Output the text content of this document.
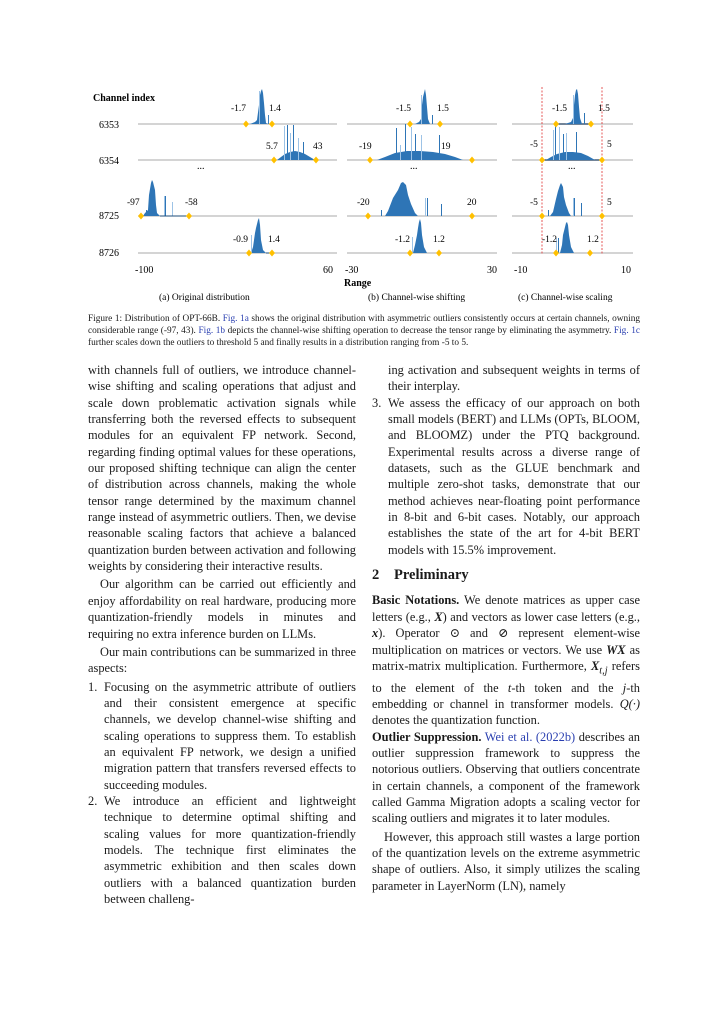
Channel index
6353
6354
8725
8726
...
-1.7 1.4
5.7	43
-97	-58
-0.9 1.4
-100	60
(a) Original distribution
...
-1.5	1.5
-19	19
-20	20
-1.2 1.2
-30	30
Range
(b) Channel-wise shifting
...
-1.5	1.5
-5	5
-5	5
-1.2	1.2
-10	10
(c) Channel-wise scaling
Figure 1: Distribution of OPT-66B. Fig. 1a shows the original distribution with asymmetric outliers consistently occurs at certain channels, owning considerable range (-97, 43). Fig. 1b depicts the channel-wise shifting operation to decrease the tensor range by eliminating the asymmetry. Fig. 1c further scales down the outliers to threshold 5 and finally results in a distribution ranging from -5 to 5.

with channels full of outliers, we introduce channel-wise shifting and scaling operations that adjust and scale down problematic activation signals while transferring both the reversed effects to subsequent modules for an equivalent FP network. Second, regarding finding optimal values for these operations, our proposed shifting technique can align the center of distribution across channels, making the whole tensor range determined by the maximum channel range instead of asymmetric outliers. Then, we devise reasonable scaling factors that achieve a balanced quantization burden between activation and following weights by considering their interactive results.

Our algorithm can be carried out efficiently and enjoy affordability on real hardware, producing more quantization-friendly models in minutes and requiring no extra inference burden on LLMs.

Our main contributions can be summarized in three aspects:

1. Focusing on the asymmetric attribute of outliers and their consistent emergence at specific channels, we develop channel-wise shifting and scaling operations to suppress them. To establish an equivalent FP network, we design a unified migration pattern that transfers reversed effects to succeeding modules.
2. We introduce an efficient and lightweight technique to determine optimal shifting and scaling values for more quantization-friendly models. The technique first eliminates the asymmetric exhibition and then scales down outliers with a balanced quantization burden between challeng-
ing activation and subsequent weights in terms of their interplay.
3. We assess the efficacy of our approach on both small models (BERT) and LLMs (OPTs, BLOOM, and BLOOMZ) under the PTQ background. Experimental results across a diverse range of datasets, such as the GLUE benchmark and multiple zero-shot tasks, demonstrate that our method achieves near-floating point performance in 8-bit and 6-bit cases. Notably, our approach establishes the state of the art for 4-bit BERT models with 15.5% improvement.

2 Preliminary

Basic Notations. We denote matrices as upper case letters (e.g., X) and vectors as lower case letters (e.g., x). Operator ⊙ and ⊘ represent element-wise multiplication on matrices or vectors. We use WX as matrix-matrix multiplication. Furthermore, $X_{t,j}$ refers to the element of the t-th token and the j-th embedding or channel in transformer models. Q(·) denotes the quantization function.

Outlier Suppression. Wei et al. (2022b) describes an outlier suppression framework to suppress the notorious outliers. Observing that outliers concentrate in certain channels, a component of the framework called Gamma Migration adopts a scaling vector for scaling outliers and migrates it to later modules.

However, this approach still wastes a large portion of the quantization levels on the extreme asymmetric shape of outliers. Also, it simply utilizes the scaling parameter in LayerNorm (LN), namely
